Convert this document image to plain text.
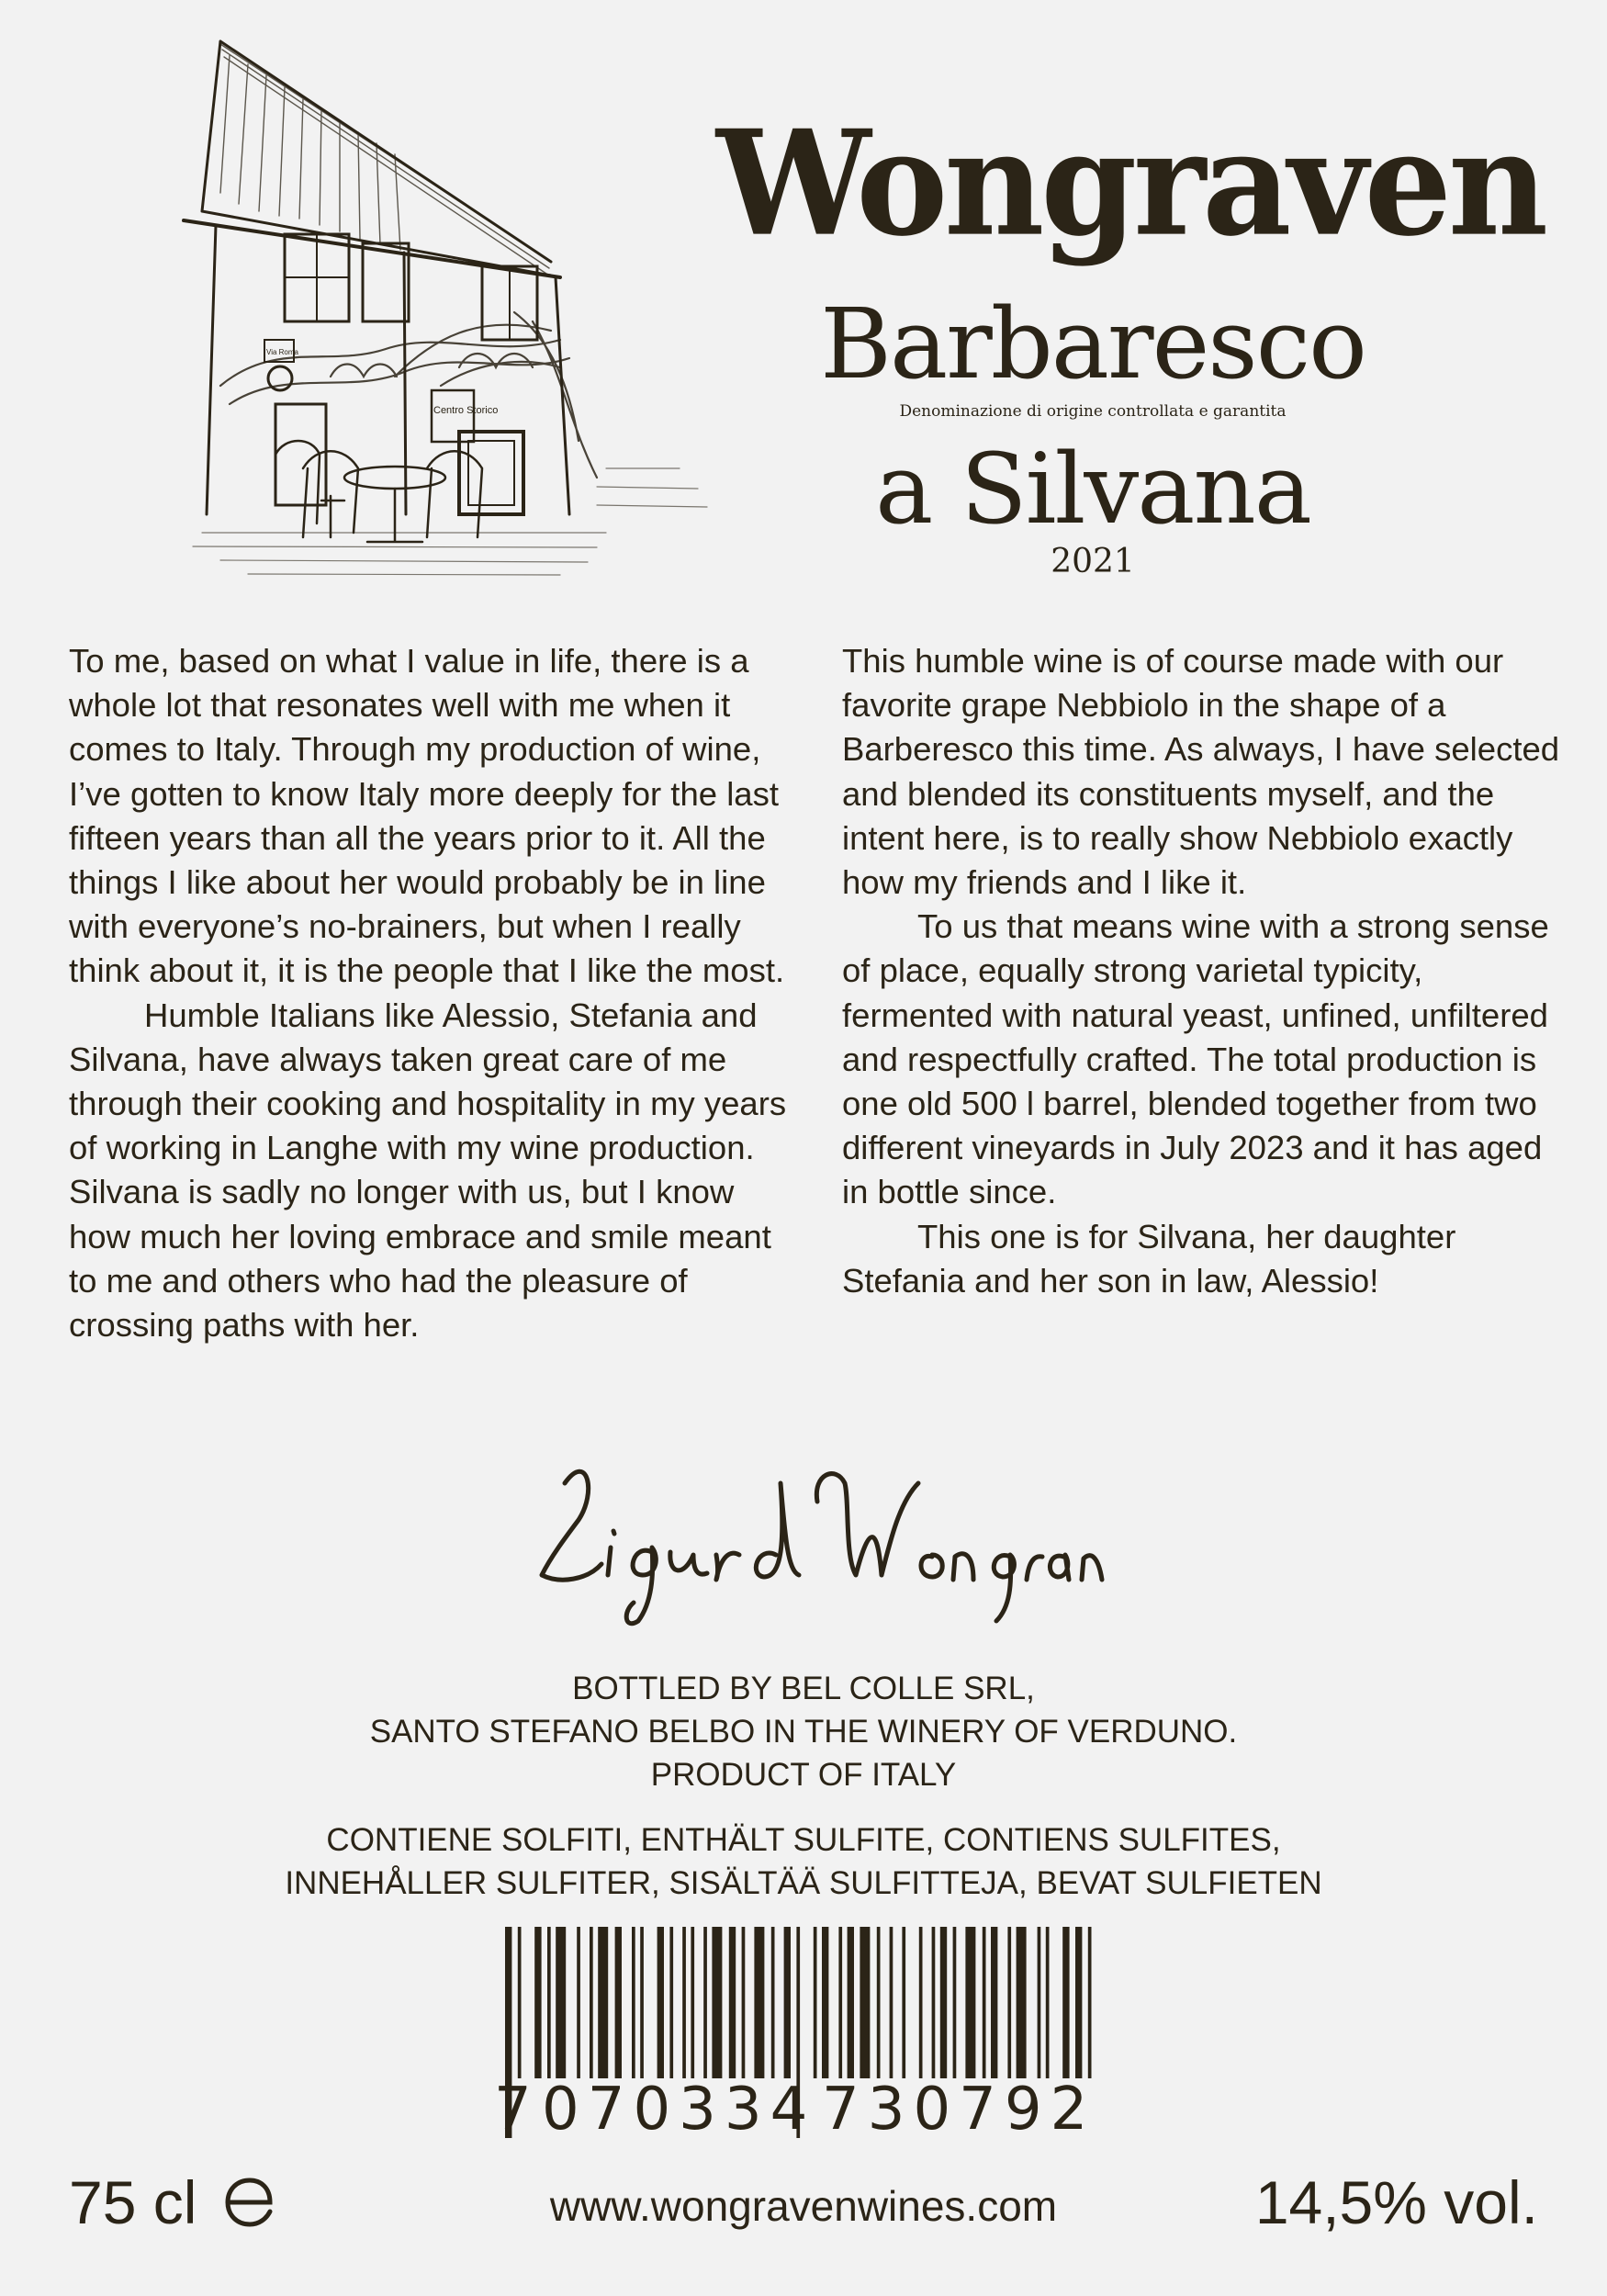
Centro Storico
Via Roma
Wongraven
Barbaresco
Denominazione di origine controllata e garantita
a Silvana
2021

To me, based on what I value in life, there is a whole lot that resonates well with me when it comes to Italy. Through my production of wine, I’ve gotten to know Italy more deeply for the last fifteen years than all the years prior to it. All the things I like about her would probably be in line with everyone’s no-brainers, but when I really think about it, it is the people that I like the most.

Humble Italians like Alessio, Stefania and Silvana, have always taken great care of me through their cooking and hospitality in my years of working in Langhe with my wine production. Silvana is sadly no longer with us, but I know how much her loving embrace and smile meant to me and others who had the pleasure of crossing paths with her.

This humble wine is of course made with our favorite grape Nebbiolo in the shape of a Barberesco this time. As always, I have selected and blended its constituents myself, and the intent here, is to really show Nebbiolo exactly how my friends and I like it.

To us that means wine with a strong sense of place, equally strong varietal typicity, fermented with natural yeast, unfined, unfiltered and respectfully crafted. The total production is one old 500 l barrel, blended together from two different vineyards in July 2023 and it has aged in bottle since.

This one is for Silvana, her daughter Stefania and her son in law, Alessio!

BOTTLED BY BEL COLLE SRL,
SANTO STEFANO BELBO IN THE WINERY OF VERDUNO.
PRODUCT OF ITALY
CONTIENE SOLFITI, ENTHÄLT SULFITE, CONTIENS SULFITES,
INNEHÅLLER SULFITER, SISÄLTÄÄ SULFITTEJA, BEVAT SULFIETEN
7 070334 730792
75 cl	www.wongravenwines.com	14,5% vol.
